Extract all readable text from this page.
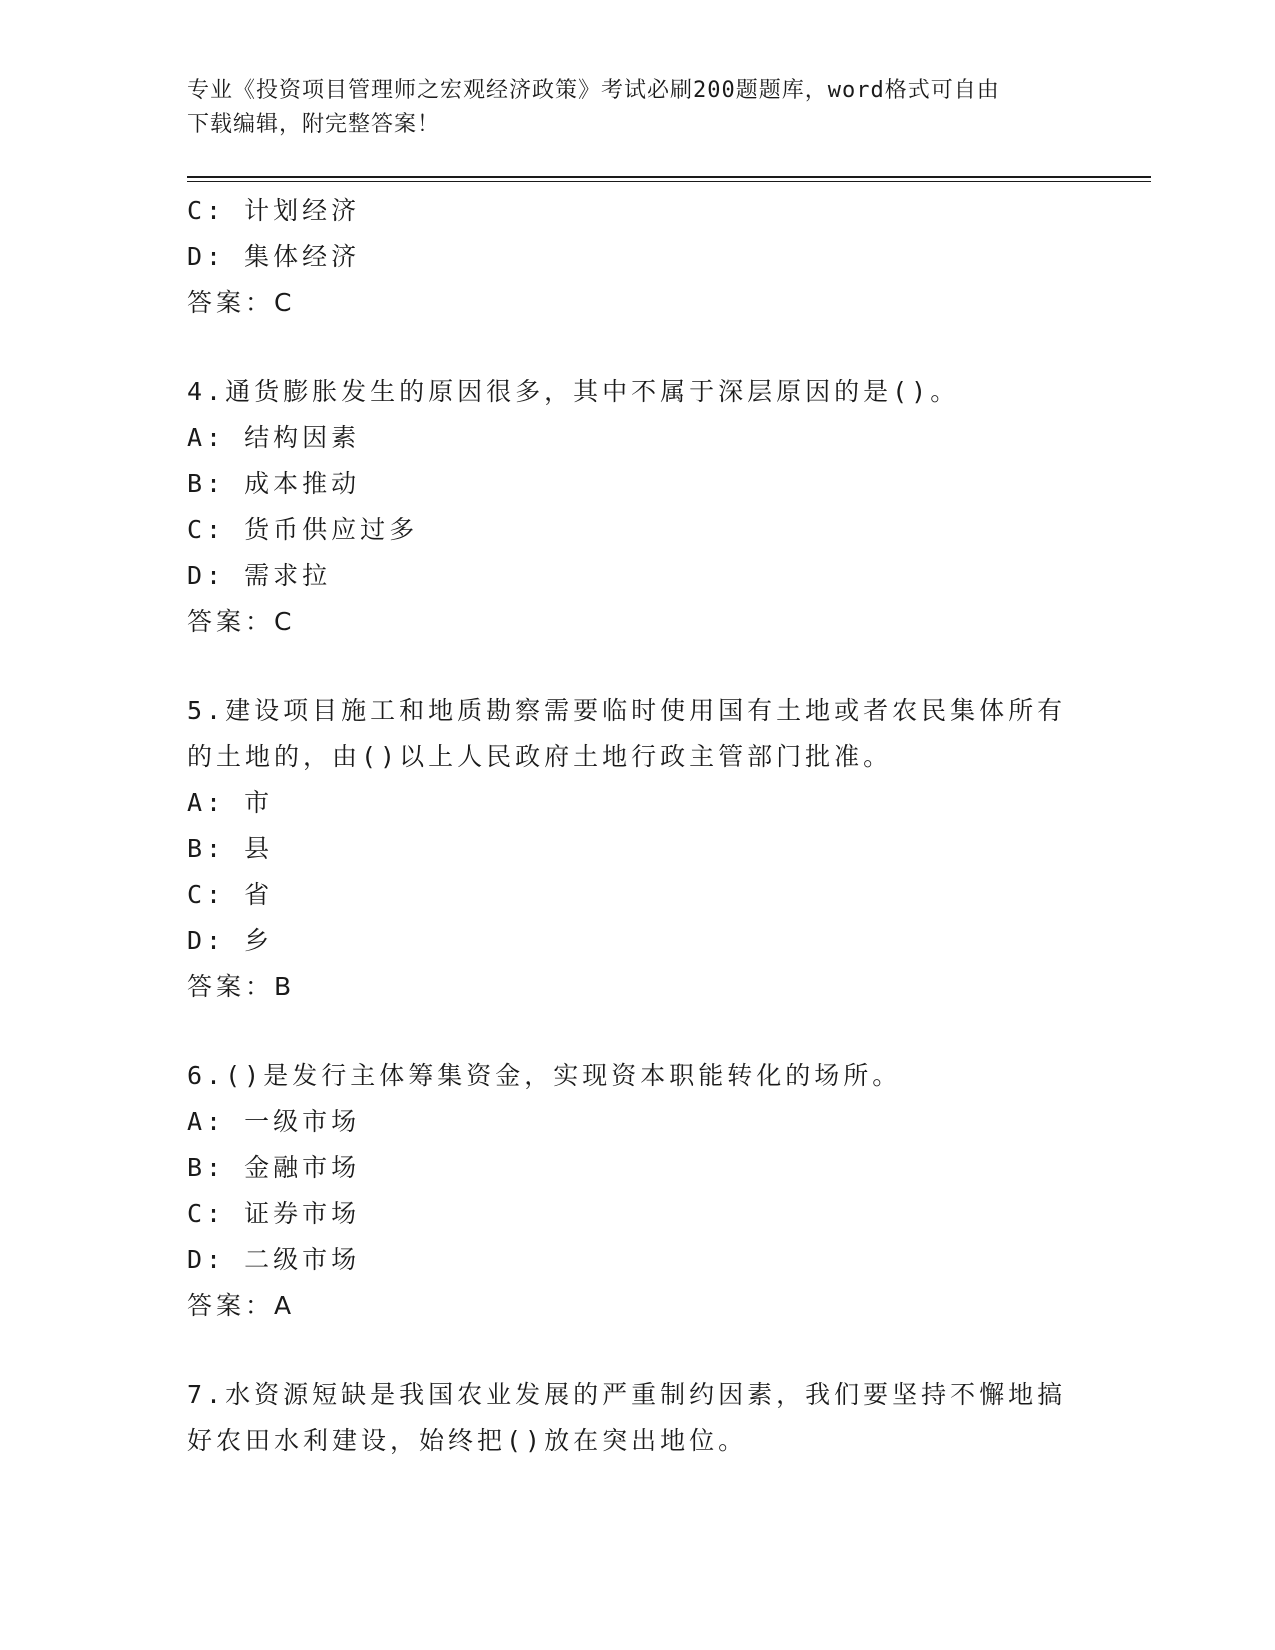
专业《投资项目管理师之宏观经济政策》考试必刷200题题库，word格式可自由
下载编辑，附完整答案！
C: 计划经济
D: 集体经济
答案：C
4.通货膨胀发生的原因很多，其中不属于深层原因的是()。
A: 结构因素
B: 成本推动
C: 货币供应过多
D: 需求拉
答案：C
5.建设项目施工和地质勘察需要临时使用国有土地或者农民集体所有
的土地的，由()以上人民政府土地行政主管部门批准。
A: 市
B: 县
C: 省
D: 乡
答案：B
6.()是发行主体筹集资金，实现资本职能转化的场所。
A: 一级市场
B: 金融市场
C: 证券市场
D: 二级市场
答案：A
7.水资源短缺是我国农业发展的严重制约因素，我们要坚持不懈地搞
好农田水利建设，始终把()放在突出地位。
